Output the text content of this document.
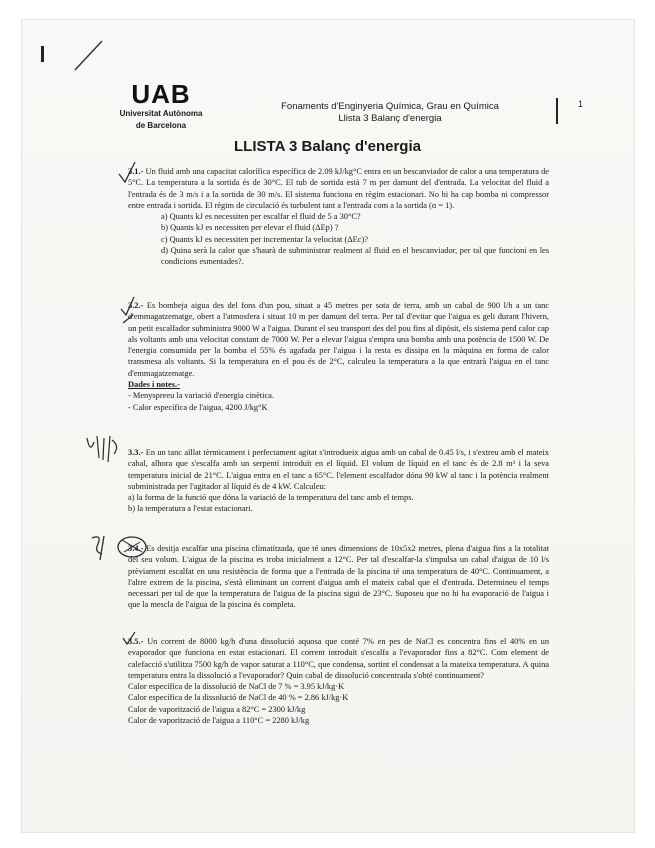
UAB
Universitat Autònoma
de Barcelona
Fonaments d'Enginyeria Química, Grau en Química
Llista 3 Balanç d'energia
1
LLISTA 3 Balanç d'energia

3.1.- Un fluid amb una capacitat calorífica específica de 2.09 kJ/kg°C entra en un bescanviador de calor a una temperatura de 5°C. La temperatura a la sortida és de 30°C. El tub de sortida està 7 m per damunt del d'entrada. La velocitat del fluid a l'entrada és de 3 m/s i a la sortida de 30 m/s. El sistema funciona en règim estacionari. No hi ha cap bomba ni compressor entre entrada i sortida. El règim de circulació és turbulent tant a l'entrada com a la sortida (α = 1).

a) Quants kJ es necessiten per escalfar el fluid de 5 a 30°C?

b) Quants kJ es necessiten per elevar el fluid (ΔEp) ?

c) Quants kJ es necessiten per incrementar la velocitat (ΔEc)?

d) Quina serà la calor que s'haurà de subministrar realment al fluid en el bescanviador, per tal que funcioni en les condicions esmentades?.

3.2.- Es bombeja aigua des del fons d'un pou, situat a 45 metres per sota de terra, amb un cabal de 900 l/h a un tanc d'emmagatzematge, obert a l'atmosfera i situat 10 m per damunt del terra. Per tal d'evitar que l'aigua es geli durant l'hivern, un petit escalfador subministra 9000 W a l'aigua. Durant el seu transport des del pou fins al dipòsit, els sistema perd calor cap als voltants amb una velocitat constant de 7000 W. Per a elevar l'aigua s'empra una bomba amb una potència de 1500 W. De l'energia consumida per la bomba el 55% és agafada per l'aigua i la resta es dissipa en la màquina en forma de calor transmesa als voltants. Si la temperatura en el pou és de 2°C, calculeu la temperatura a la que entrarà l'aigua en el tanc d'emmagatzematge.

Dades i notes.-

- Menyspreeu la variació d'energia cinètica.

- Calor específica de l'aigua, 4200 J/kg°K

3.3.- En un tanc aïllat tèrmicament i perfectament agitat s'introdueix aigua amb un cabal de 0.45 l/s, i s'extreu amb el mateix cabal, alhora que s'escalfa amb un serpentí introduït en el líquid. El volum de líquid en el tanc és de 2.8 m³ i la seva temperatura inicial de 21°C. L'aigua entra en el tanc a 65°C. l'element escalfador dóna 90 kW al tanc i la potència realment subministrada per l'agitador al líquid és de 4 kW. Calculeu:

a) la forma de la funció que dóna la variació de la temperatura del tanc amb el temps.

b) la temperatura a l'estat estacionari.

3.4.- Es desitja escalfar una piscina climatitzada, que té unes dimensions de 10x5x2 metres, plena d'aigua fins a la totalitat del seu volum. L'aigua de la piscina es troba inicialment a 12°C. Per tal d'escalfar-la s'impulsa un cabal d'aigua de 10 l/s prèviament escalfat en una resistència de forma que a l'entrada de la piscina té una temperatura de 40°C. Continuament, a l'altre extrem de la piscina, s'està eliminant un corrent d'aigua amb el mateix cabal que el d'entrada. Determineu el temps necessari per tal de que la temperatura de l'aigua de la piscina sigui de 23°C. Suposeu que no hi ha evaporació de l'aigua i que la mescla de l'aigua de la piscina és completa.

3.5.- Un corrent de 8000 kg/h d'una dissolució aquosa que conté 7% en pes de NaCl es concentra fins el 40% en un evaporador que funciona en estat estacionari. El corrent introduït s'escalfa a l'evaporador fins a 82°C. Com element de calefacció s'utilitza 7500 kg/h de vapor saturat a 110°C, que condensa, sortint el condensat a la mateixa temperatura. A quina temperatura entra la dissolució a l'evaporador? Quin cabal de dissolució concentrada s'obté continuament?

Calor específica de la dissolució de NaCl de 7 % = 3.95 kJ/kg·K

Calor específica de la dissolució de NaCl de 40 % = 2.86 kJ/kg·K

Calor de vaporització de l'aigua a 82°C = 2300 kJ/kg

Calor de vaporització de l'aigua a 110°C = 2280 kJ/kg
